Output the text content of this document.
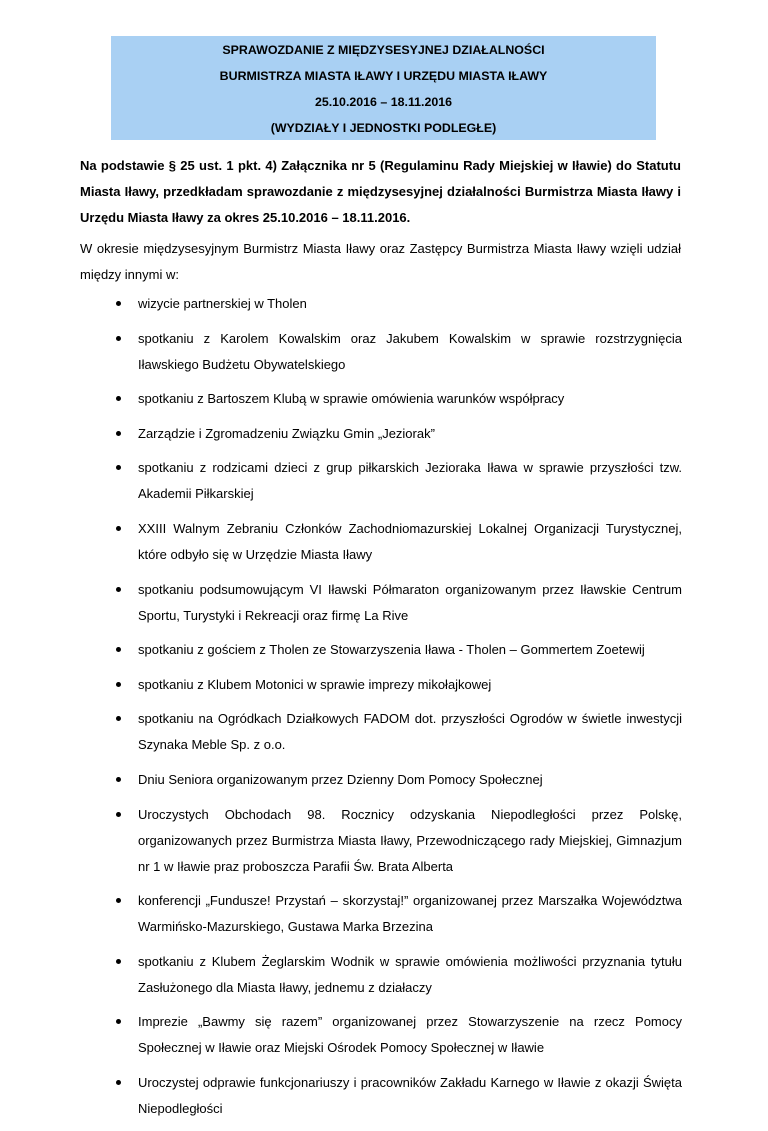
SPRAWOZDANIE Z MIĘDZYSESYJNEJ DZIAŁALNOŚCI
BURMISTRZA MIASTA IŁAWY I URZĘDU MIASTA IŁAWY
25.10.2016 – 18.11.2016
(WYDZIAŁY I JEDNOSTKI PODLEGŁE)

Na podstawie § 25 ust. 1 pkt. 4) Załącznika nr 5 (Regulaminu Rady Miejskiej w Iławie) do Statutu Miasta Iławy, przedkładam sprawozdanie z międzysesyjnej działalności Burmistrza Miasta Iławy i Urzędu Miasta Iławy za okres 25.10.2016 – 18.11.2016.

W okresie międzysesyjnym Burmistrz Miasta Iławy oraz Zastępcy Burmistrza Miasta Iławy wzięli udział między innymi w:

wizycie partnerskiej w Tholen
spotkaniu z Karolem Kowalskim oraz Jakubem Kowalskim w sprawie rozstrzygnięcia Iławskiego Budżetu Obywatelskiego
spotkaniu z Bartoszem Klubą w sprawie omówienia warunków współpracy
Zarządzie i Zgromadzeniu Związku Gmin „Jeziorak”
spotkaniu z rodzicami dzieci z grup piłkarskich Jezioraka Iława w sprawie przyszłości tzw. Akademii Piłkarskiej
XXIII Walnym Zebraniu Członków Zachodniomazurskiej Lokalnej Organizacji Turystycznej, które odbyło się w Urzędzie Miasta Iławy
spotkaniu podsumowującym VI Iławski Półmaraton organizowanym przez Iławskie Centrum Sportu, Turystyki i Rekreacji oraz firmę La Rive
spotkaniu z gościem z Tholen ze Stowarzyszenia Iława - Tholen – Gommertem Zoetewij
spotkaniu z Klubem Motonici w sprawie imprezy mikołajkowej
spotkaniu na Ogródkach Działkowych FADOM dot. przyszłości Ogrodów w świetle inwestycji Szynaka Meble Sp. z o.o.
Dniu Seniora organizowanym przez Dzienny Dom Pomocy Społecznej
Uroczystych Obchodach 98. Rocznicy odzyskania Niepodległości przez Polskę,
organizowanych przez Burmistrza Miasta Iławy, Przewodniczącego rady Miejskiej, Gimnazjum nr 1 w Iławie praz proboszcza Parafii Św. Brata Alberta
konferencji „Fundusze! Przystań – skorzystaj!” organizowanej przez Marszałka Województwa Warmińsko-Mazurskiego, Gustawa Marka Brzezina
spotkaniu z Klubem Żeglarskim Wodnik w sprawie omówienia możliwości przyznania tytułu Zasłużonego dla Miasta Iławy, jednemu z działaczy
Imprezie „Bawmy się razem” organizowanej przez Stowarzyszenie na rzecz Pomocy Społecznej w Iławie oraz Miejski Ośrodek Pomocy Społecznej w Iławie
Uroczystej odprawie funkcjonariuszy i pracowników Zakładu Karnego w Iławie z okazji Święta Niepodległości
